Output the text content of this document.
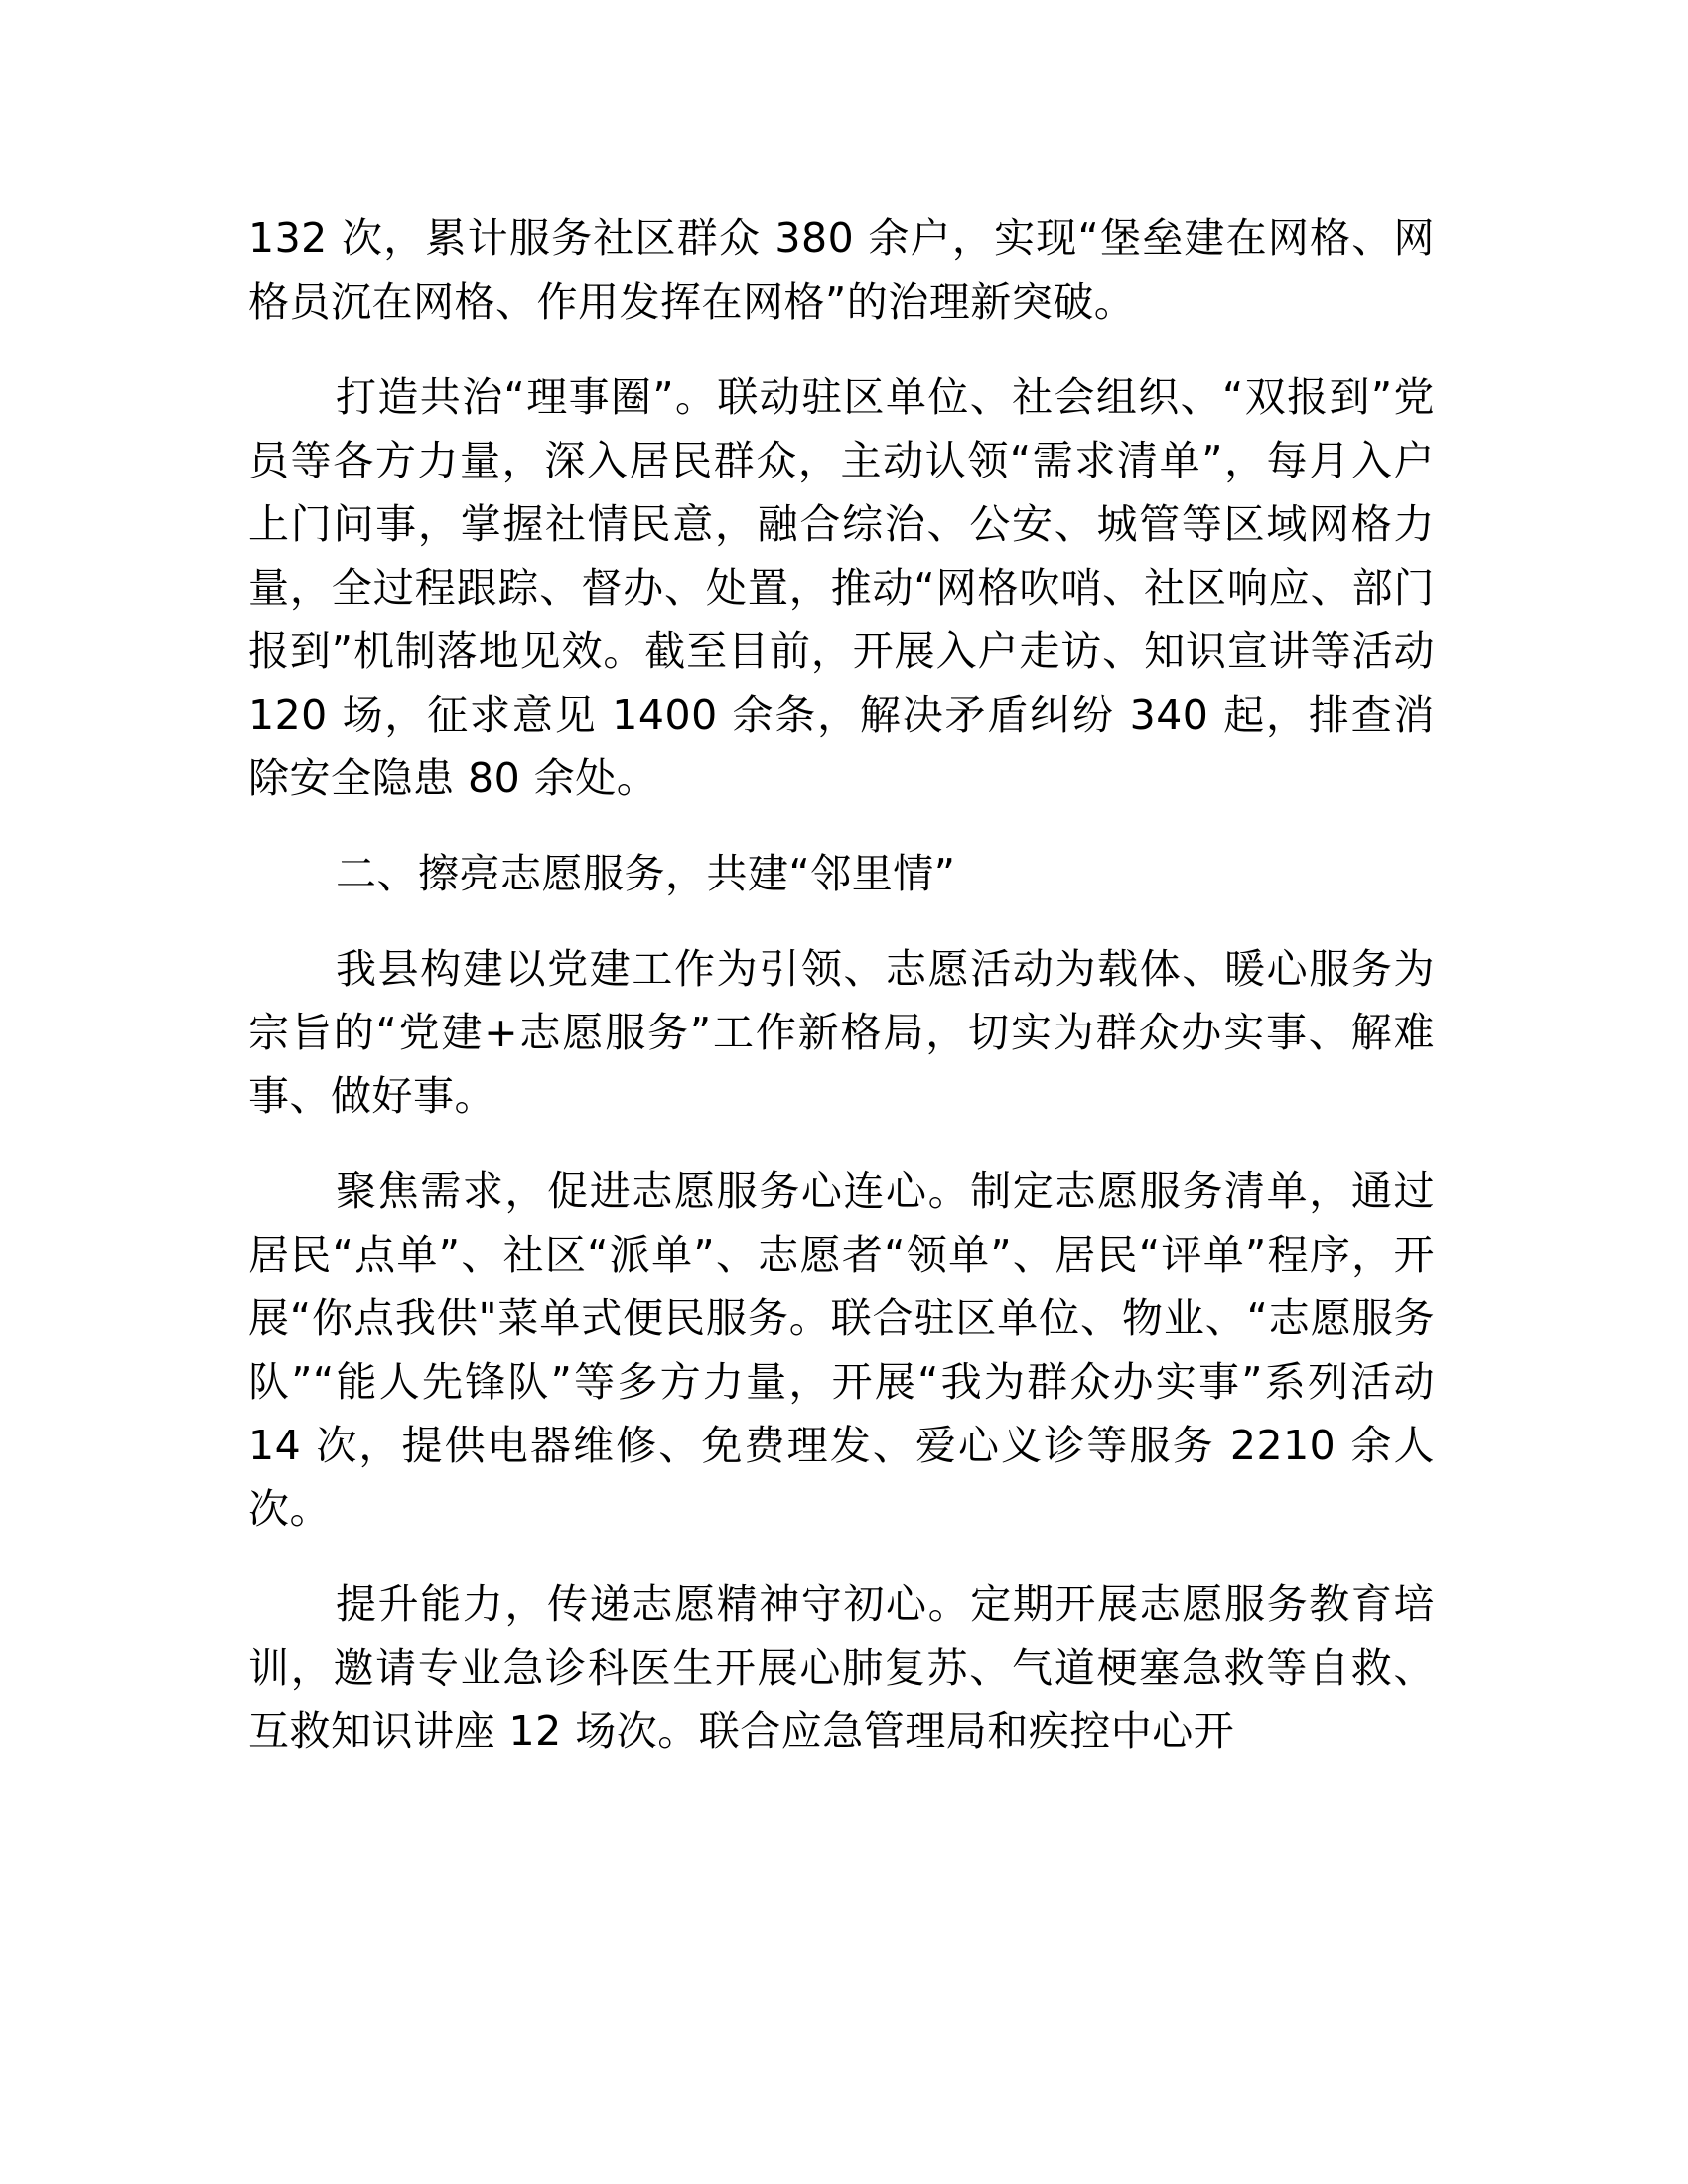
132 次，累计服务社区群众 380 余户，实现“堡垒建在网格、网格员沉在网格、作用发挥在网格”的治理新突破。

打造共治“理事圈”。联动驻区单位、社会组织、“双报到”党员等各方力量，深入居民群众，主动认领“需求清单”，每月入户上门问事，掌握社情民意，融合综治、公安、城管等区域网格力量，全过程跟踪、督办、处置，推动“网格吹哨、社区响应、部门报到”机制落地见效。截至目前，开展入户走访、知识宣讲等活动 120 场，征求意见 1400 余条，解决矛盾纠纷 340 起，排查消除安全隐患 80 余处。

二、擦亮志愿服务，共建“邻里情”

我县构建以党建工作为引领、志愿活动为载体、暖心服务为宗旨的“党建+志愿服务”工作新格局，切实为群众办实事、解难事、做好事。

聚焦需求，促进志愿服务心连心。制定志愿服务清单，通过居民“点单”、社区“派单”、志愿者“领单”、居民“评单”程序，开展“你点我供"菜单式便民服务。联合驻区单位、物业、“志愿服务队”“能人先锋队”等多方力量，开展“我为群众办实事”系列活动 14 次，提供电器维修、免费理发、爱心义诊等服务 2210 余人次。

提升能力，传递志愿精神守初心。定期开展志愿服务教育培训，邀请专业急诊科医生开展心肺复苏、气道梗塞急救等自救、互救知识讲座 12 场次。联合应急管理局和疾控中心开
